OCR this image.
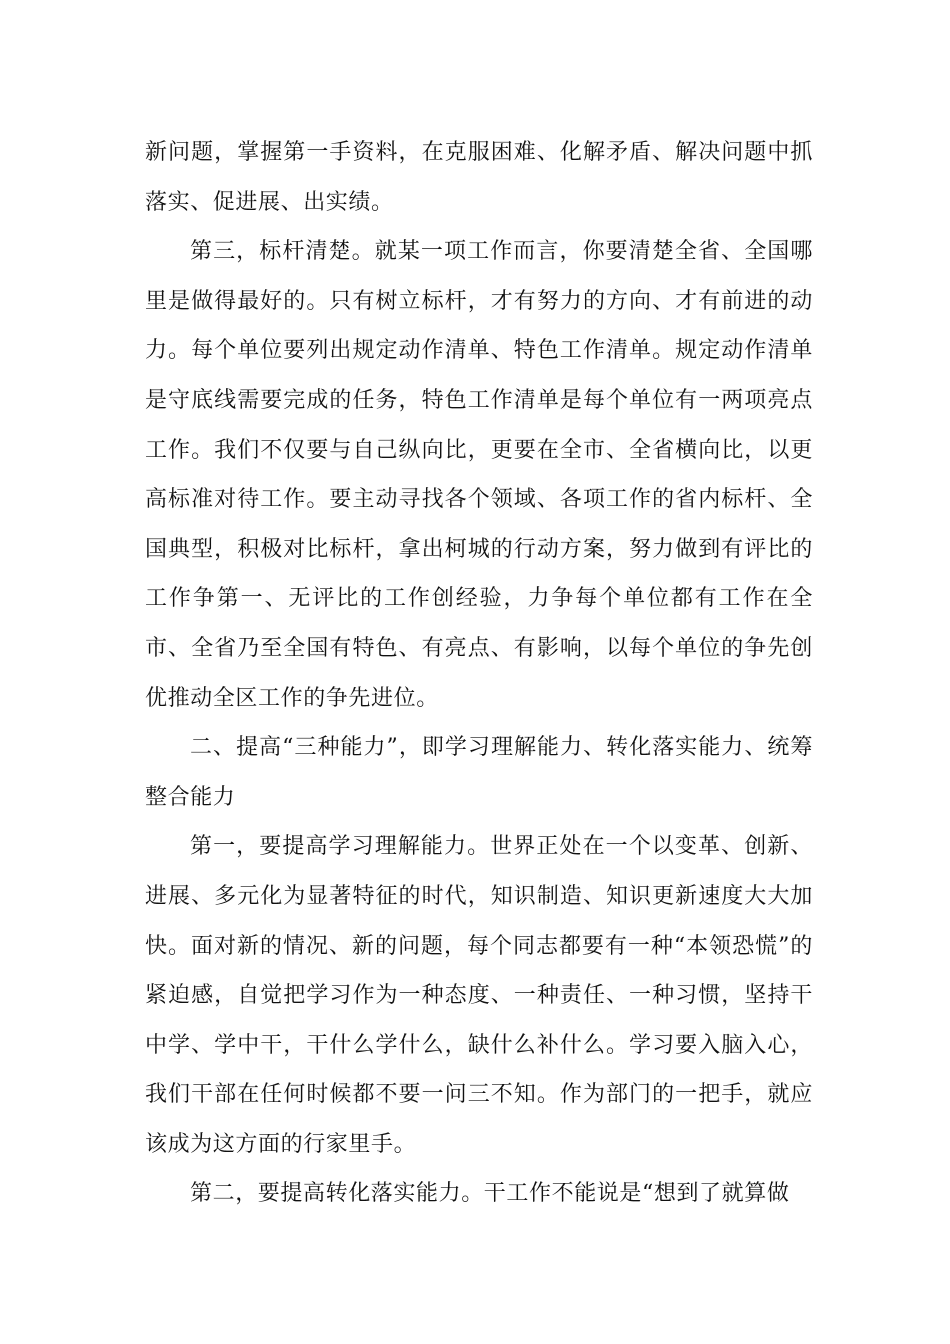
新问题，掌握第一手资料，在克服困难、化解矛盾、解决问题中抓落实、促进展、出实绩。

第三，标杆清楚。就某一项工作而言，你要清楚全省、全国哪里是做得最好的。只有树立标杆，才有努力的方向、才有前进的动力。每个单位要列出规定动作清单、特色工作清单。规定动作清单是守底线需要完成的任务，特色工作清单是每个单位有一两项亮点工作。我们不仅要与自己纵向比，更要在全市、全省横向比，以更高标准对待工作。要主动寻找各个领域、各项工作的省内标杆、全国典型，积极对比标杆，拿出柯城的行动方案，努力做到有评比的工作争第一、无评比的工作创经验，力争每个单位都有工作在全市、全省乃至全国有特色、有亮点、有影响，以每个单位的争先创优推动全区工作的争先进位。

二、提高“三种能力”，即学习理解能力、转化落实能力、统筹整合能力

第一，要提高学习理解能力。世界正处在一个以变革、创新、进展、多元化为显著特征的时代，知识制造、知识更新速度大大加快。面对新的情况、新的问题，每个同志都要有一种“本领恐慌”的紧迫感，自觉把学习作为一种态度、一种责任、一种习惯，坚持干中学、学中干，干什么学什么，缺什么补什么。学习要入脑入心，我们干部在任何时候都不要一问三不知。作为部门的一把手，就应该成为这方面的行家里手。

第二，要提高转化落实能力。干工作不能说是“想到了就算做
